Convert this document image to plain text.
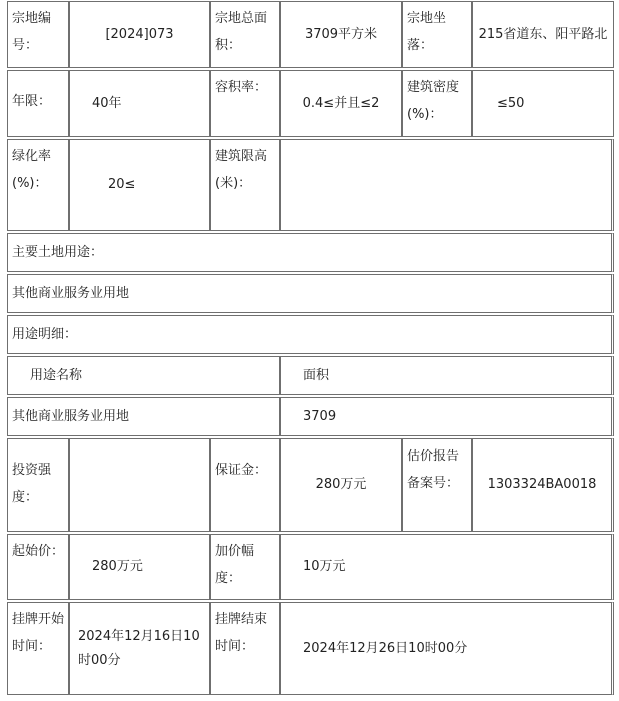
宗地编号：
[2024]073
宗地总面积：
3709平方米
宗地坐落：
215省道东、阳平路北
年限：	40年
容积率：
0.4≤并且≤2
建筑密度(%)：
≤50
绿化率(%)：	20≤
建筑限高(米)：
主要土地用途：
其他商业服务业用地
用途明细：
用途名称	面积
其他商业服务业用地	3709
投资强度：
保证金：
280万元
估价报告备案号：	1303324BA0018
起始价：
280万元
加价幅度：
10万元
挂牌开始时间：
2024年12月16日10时00分
挂牌结束时间：	2024年12月26日10时00分
